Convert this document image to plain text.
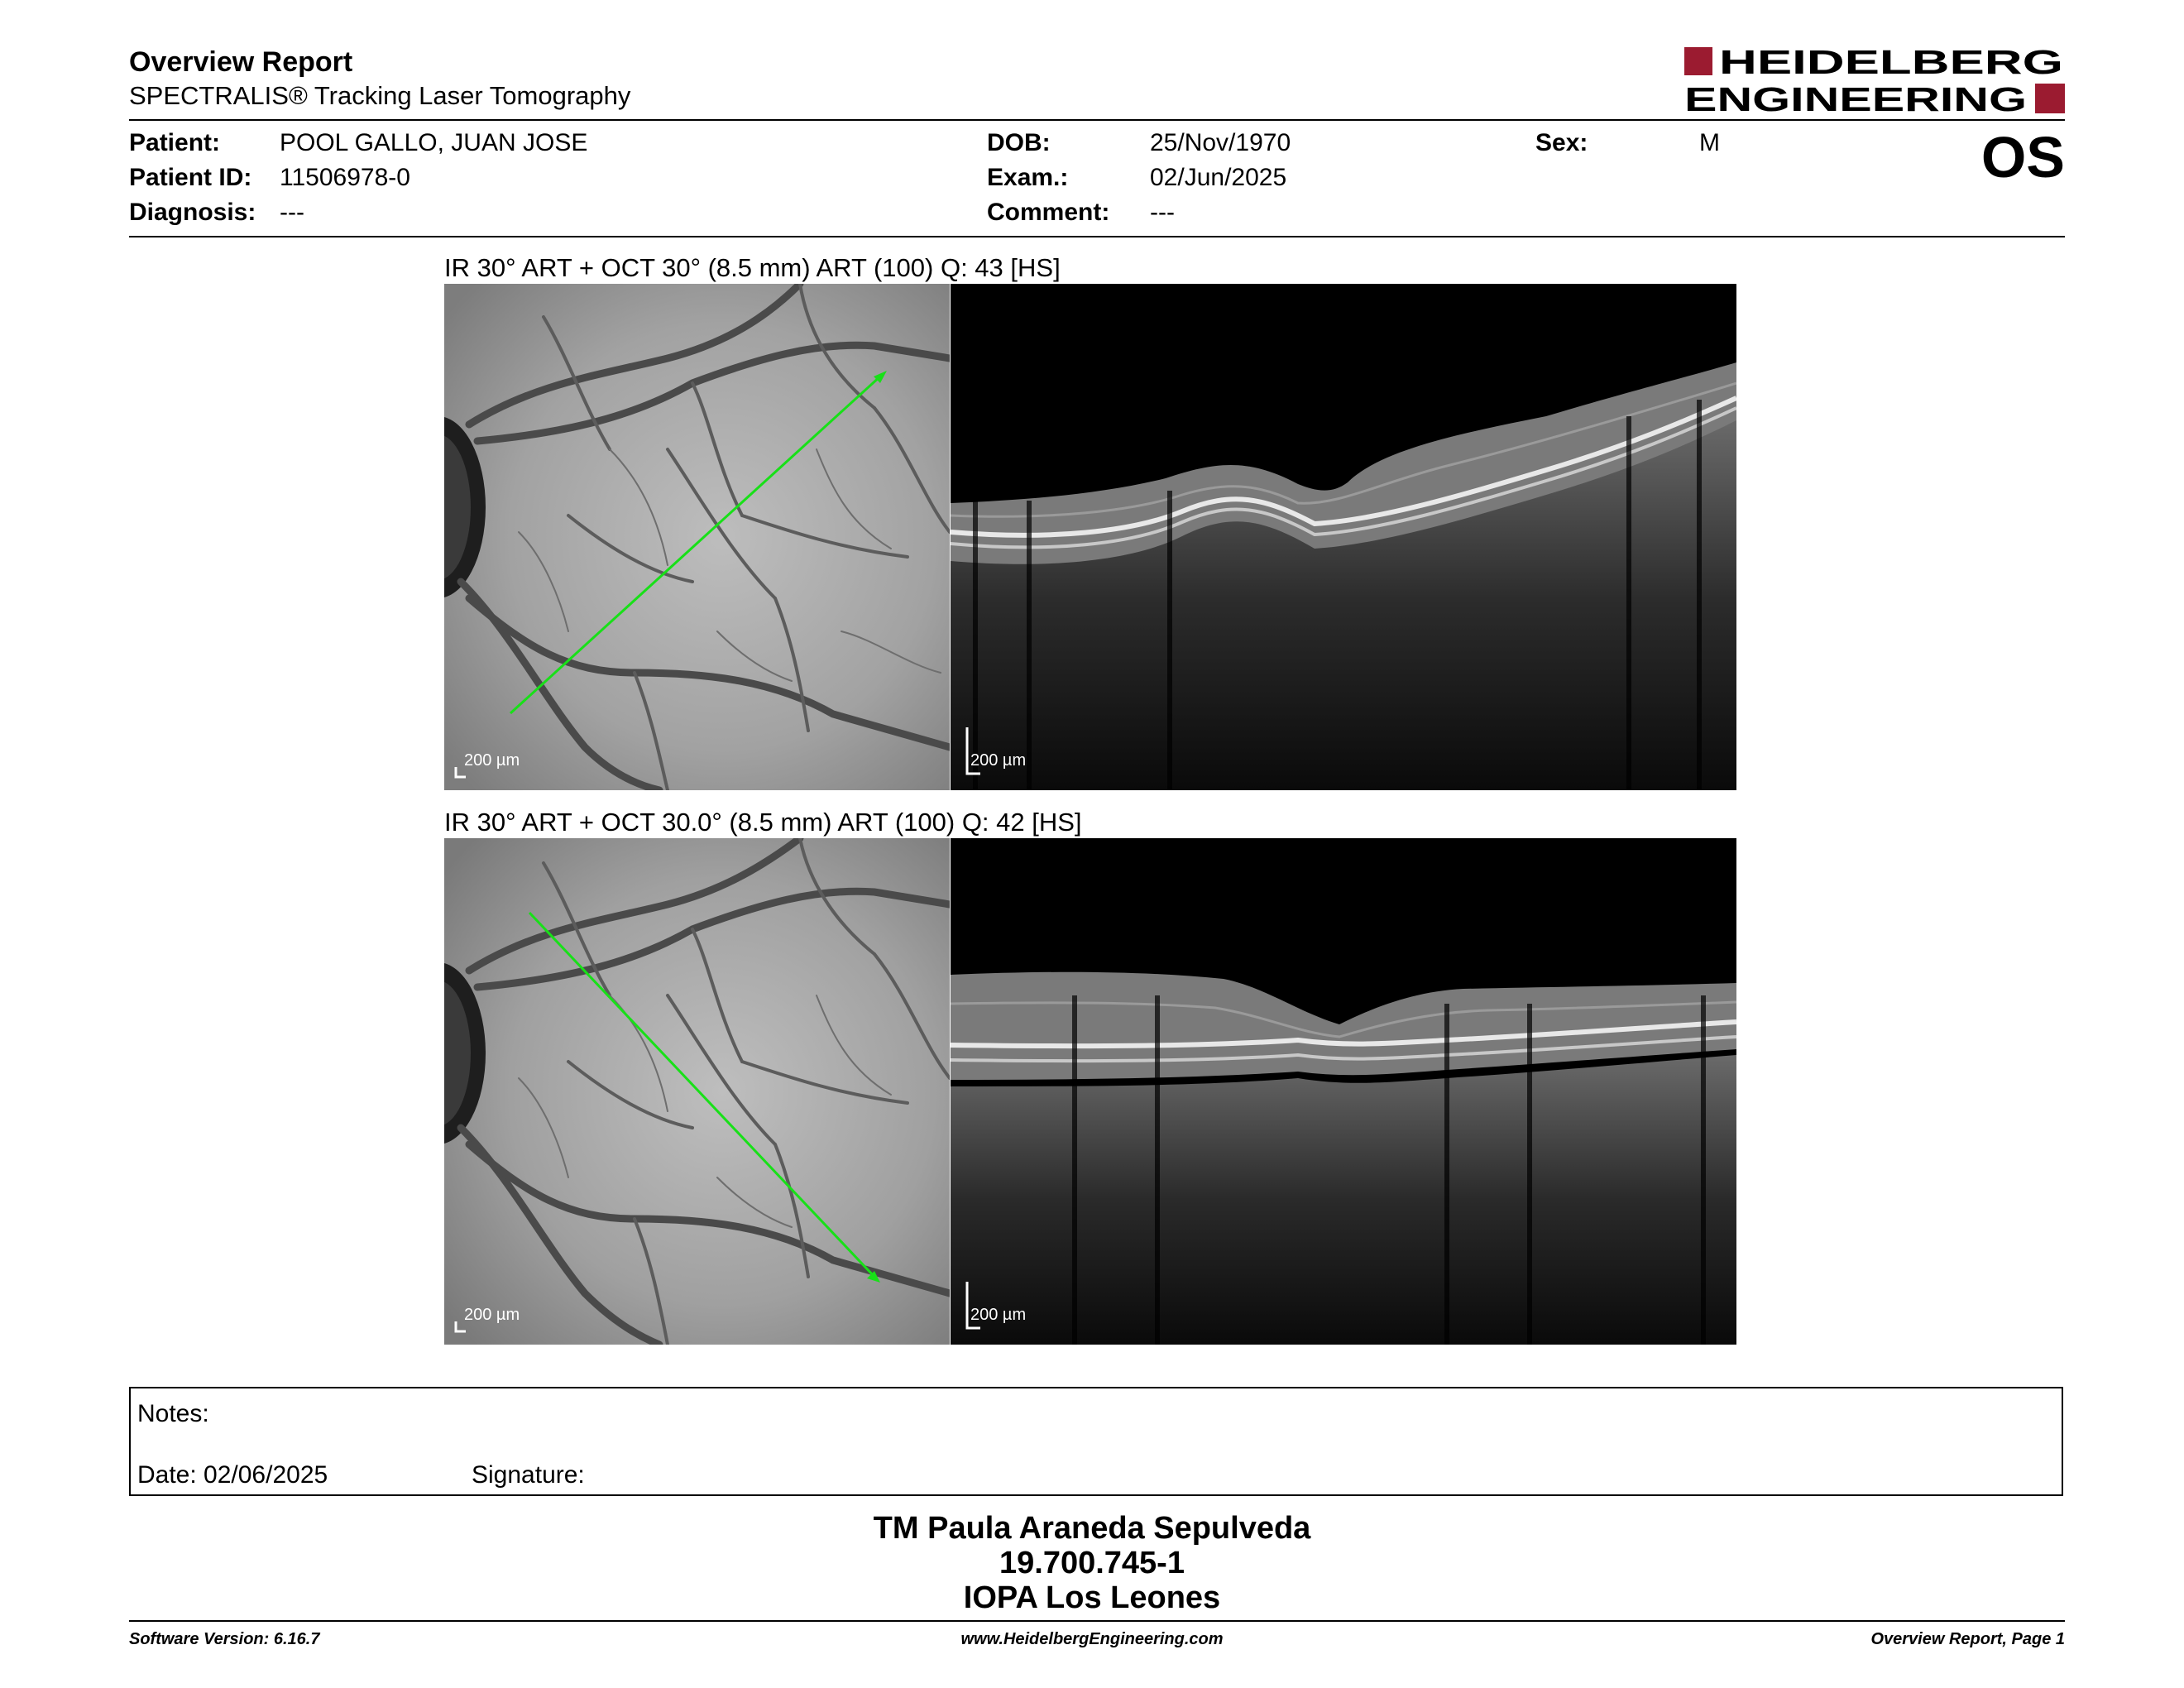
Overview Report
SPECTRALIS® Tracking Laser Tomography
HEIDELBERG
ENGINEERING
Patient: POOL GALLO, JUAN JOSE
Patient ID: 11506978-0
Diagnosis: ---
DOB:	25/Nov/1970
Exam.:	02/Jun/2025
Comment: ---
Sex:	M	OS
IR 30° ART + OCT 30° (8.5 mm) ART (100) Q: 43 [HS]
200 µm	200 µm
IR 30° ART + OCT 30.0° (8.5 mm) ART (100) Q: 42 [HS]
200 µm	200 µm
Notes:
Date: 02/06/2025	Signature:
TM Paula Araneda Sepulveda
19.700.745-1
IOPA Los Leones
Software Version: 6.16.7	www.HeidelbergEngineering.com	Overview Report, Page 1
